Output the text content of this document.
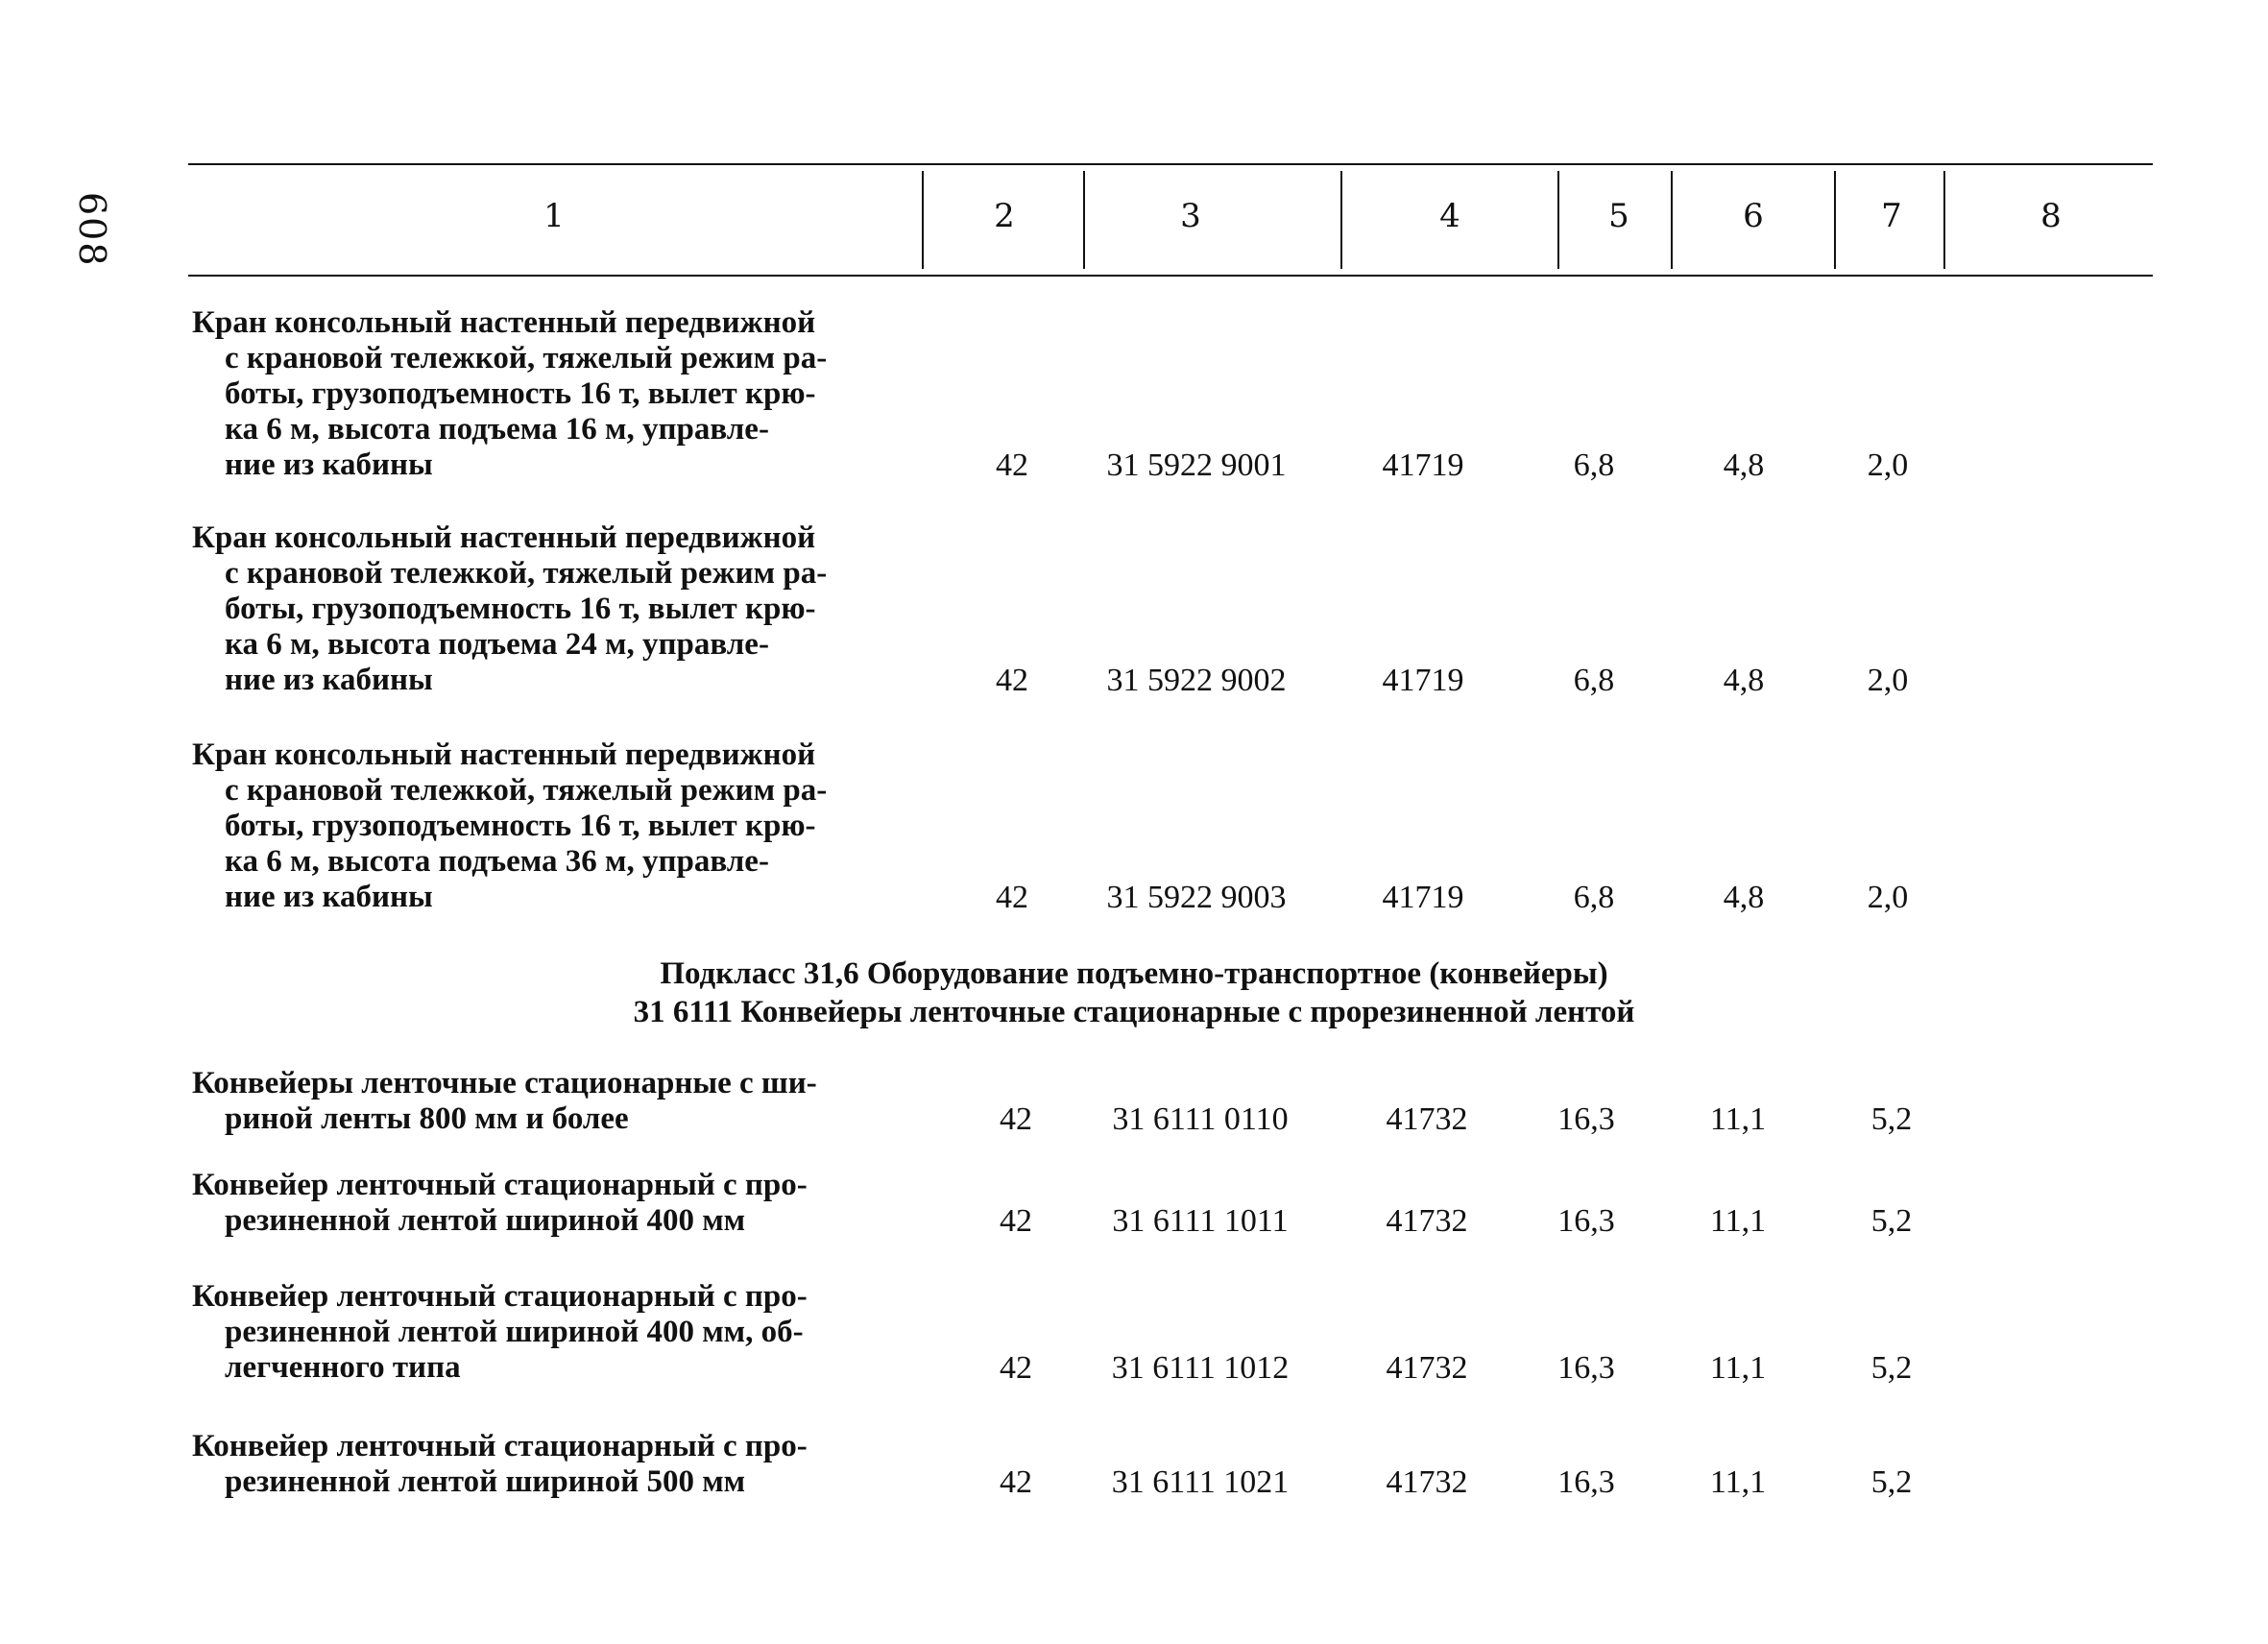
608	1	2	3	4	5	6	7	8
Кран консольный настенный передвижной
с крановой тележкой, тяжелый режим ра-
боты, грузоподъемность 16 т, вылет крю-
ка 6 м, высота подъема 16 м, управле-
ние из кабины	42 31 5922 9001	41719	6,8	4,8	2,0
Кран консольный настенный передвижной
с крановой тележкой, тяжелый режим ра-
боты, грузоподъемность 16 т, вылет крю-
ка 6 м, высота подъема 24 м, управле-
ние из кабины	42 31 5922 9002	41719	6,8	4,8	2,0
Кран консольный настенный передвижной
с крановой тележкой, тяжелый режим ра-
боты, грузоподъемность 16 т, вылет крю-
ка 6 м, высота подъема 36 м, управле-
ние из кабины	42 31 5922 9003	41719	6,8	4,8	2,0
Подкласс 31,6 Оборудование подъемно-транспортное (конвейеры)
31 6111 Конвейеры ленточные стационарные с прорезиненной лентой
Конвейеры ленточные стационарные с ши-
риной ленты 800 мм и более	42 31 6111 0110	41732	16,3	11,1	5,2
Конвейер ленточный стационарный с про-
резиненной лентой шириной 400 мм	42 31 6111 1011	41732	16,3	11,1	5,2
Конвейер ленточный стационарный с про-
резиненной лентой шириной 400 мм, об-
легченного типа	42 31 6111 1012	41732	16,3	11,1	5,2
Конвейер ленточный стационарный с про-
резиненной лентой шириной 500 мм	42 31 6111 1021	41732	16,3	11,1	5,2
